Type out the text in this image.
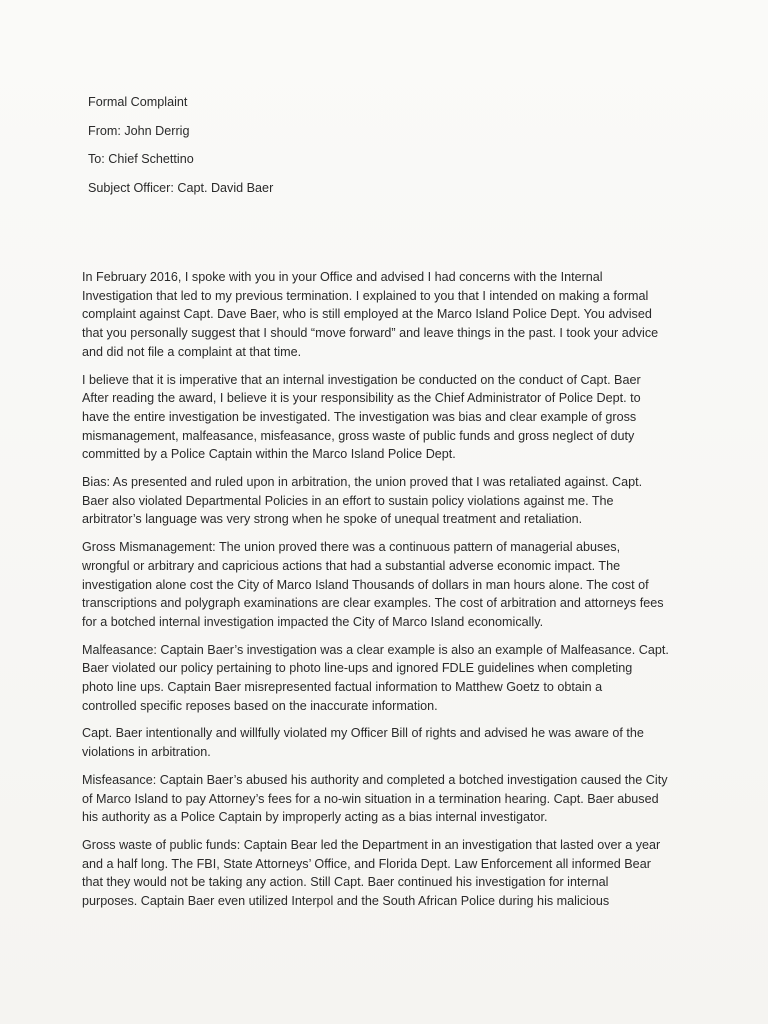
Formal Complaint
From: John Derrig
To: Chief Schettino
Subject Officer: Capt. David Baer

In February 2016, I spoke with you in your Office and advised I had concerns with the Internal
Investigation that led to my previous termination. I explained to you that I intended on making a formal
complaint against Capt. Dave Baer, who is still employed at the Marco Island Police Dept. You advised
that you personally suggest that I should “move forward” and leave things in the past. I took your advice
and did not file a complaint at that time.

I believe that it is imperative that an internal investigation be conducted on the conduct of Capt. Baer
After reading the award, I believe it is your responsibility as the Chief Administrator of Police Dept. to
have the entire investigation be investigated. The investigation was bias and clear example of gross
mismanagement, malfeasance, misfeasance, gross waste of public funds and gross neglect of duty
committed by a Police Captain within the Marco Island Police Dept.

Bias: As presented and ruled upon in arbitration, the union proved that I was retaliated against. Capt.
Baer also violated Departmental Policies in an effort to sustain policy violations against me. The
arbitrator’s language was very strong when he spoke of unequal treatment and retaliation.

Gross Mismanagement: The union proved there was a continuous pattern of managerial abuses,
wrongful or arbitrary and capricious actions that had a substantial adverse economic impact. The
investigation alone cost the City of Marco Island Thousands of dollars in man hours alone. The cost of
transcriptions and polygraph examinations are clear examples. The cost of arbitration and attorneys fees
for a botched internal investigation impacted the City of Marco Island economically.

Malfeasance: Captain Baer’s investigation was a clear example is also an example of Malfeasance. Capt.
Baer violated our policy pertaining to photo line-ups and ignored FDLE guidelines when completing
photo line ups. Captain Baer misrepresented factual information to Matthew Goetz to obtain a
controlled specific reposes based on the inaccurate information.

Capt. Baer intentionally and willfully violated my Officer Bill of rights and advised he was aware of the
violations in arbitration.

Misfeasance: Captain Baer’s abused his authority and completed a botched investigation caused the City
of Marco Island to pay Attorney’s fees for a no-win situation in a termination hearing. Capt. Baer abused
his authority as a Police Captain by improperly acting as a bias internal investigator.

Gross waste of public funds: Captain Bear led the Department in an investigation that lasted over a year
and a half long. The FBI, State Attorneys’ Office, and Florida Dept. Law Enforcement all informed Bear
that they would not be taking any action. Still Capt. Baer continued his investigation for internal
purposes. Captain Baer even utilized Interpol and the South African Police during his malicious
